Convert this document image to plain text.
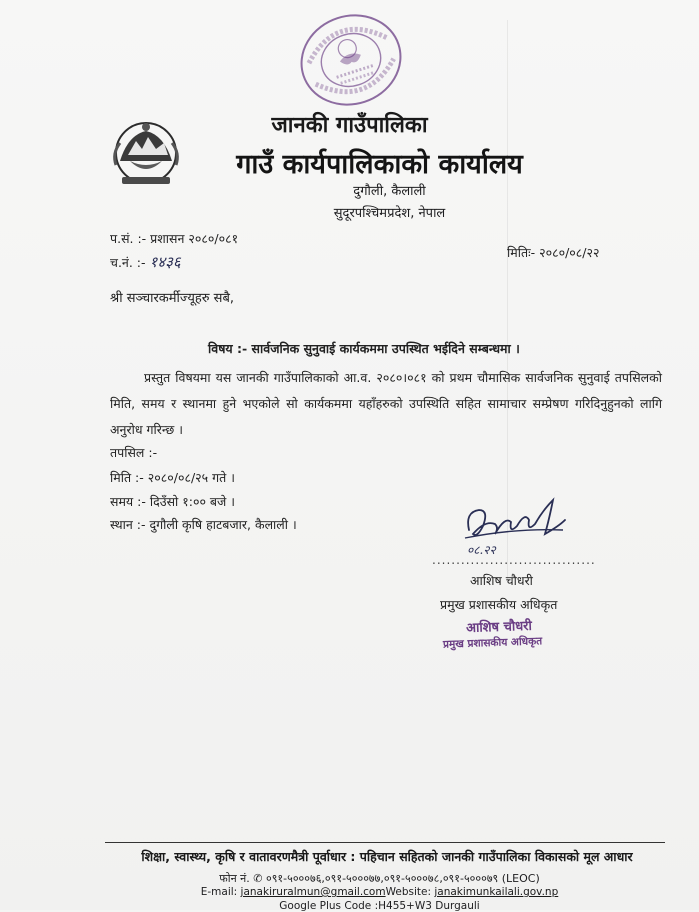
जानकी गाउँपालिका
गाउँ कार्यपालिकाको कार्यालय
दुगौली, कैलाली
सुदूरपश्चिमप्रदेश, नेपाल
प.सं. :- प्रशासन २०८०/०८१
च.नं. :- १४३६
मितिः- २०८०/०८/२२
श्री सञ्चारकर्मीज्यूहरु सबै,
विषय :- सार्वजनिक सुनुवाई कार्यकममा उपस्थित भईदिने सम्बन्धमा ।
प्रस्तुत विषयमा यस जानकी गाउँपालिकाको आ.व. २०८०।०८१ को प्रथम चौमासिक सार्वजनिक सुनुवाई तपसिलको मिति, समय र स्थानमा हुने भएकोले सो कार्यकममा यहाँहरुको उपस्थिति सहित सामाचार सम्प्रेषण गरिदिनुहुनको लागि अनुरोध गरिन्छ ।
तपसिल :-
मिति :- २०८०/०८/२५ गते ।
समय :- दिउँसो १:०० बजे ।
स्थान :- दुगौली कृषि हाटबजार, कैलाली ।
०८.२२
..................................
आशिष चौधरी
प्रमुख प्रशासकीय अधिकृत
आशिष चौधरी
प्रमुख प्रशासकीय अधिकृत
शिक्षा, स्वास्थ्य, कृषि र वातावरणमैत्री पूर्वाधार : पहिचान सहितको जानकी गाउँपालिका विकासको मूल आधार
फोन नं. ✆ ०९१-५०००७६,०९१-५०००७७,०९१-५०००७८,०९१-५०००७९ (LEOC)
E-mail: janakiruralmun@gmail.comWebsite: janakimunkailali.gov.np
Google Plus Code :H455+W3 Durgauli
